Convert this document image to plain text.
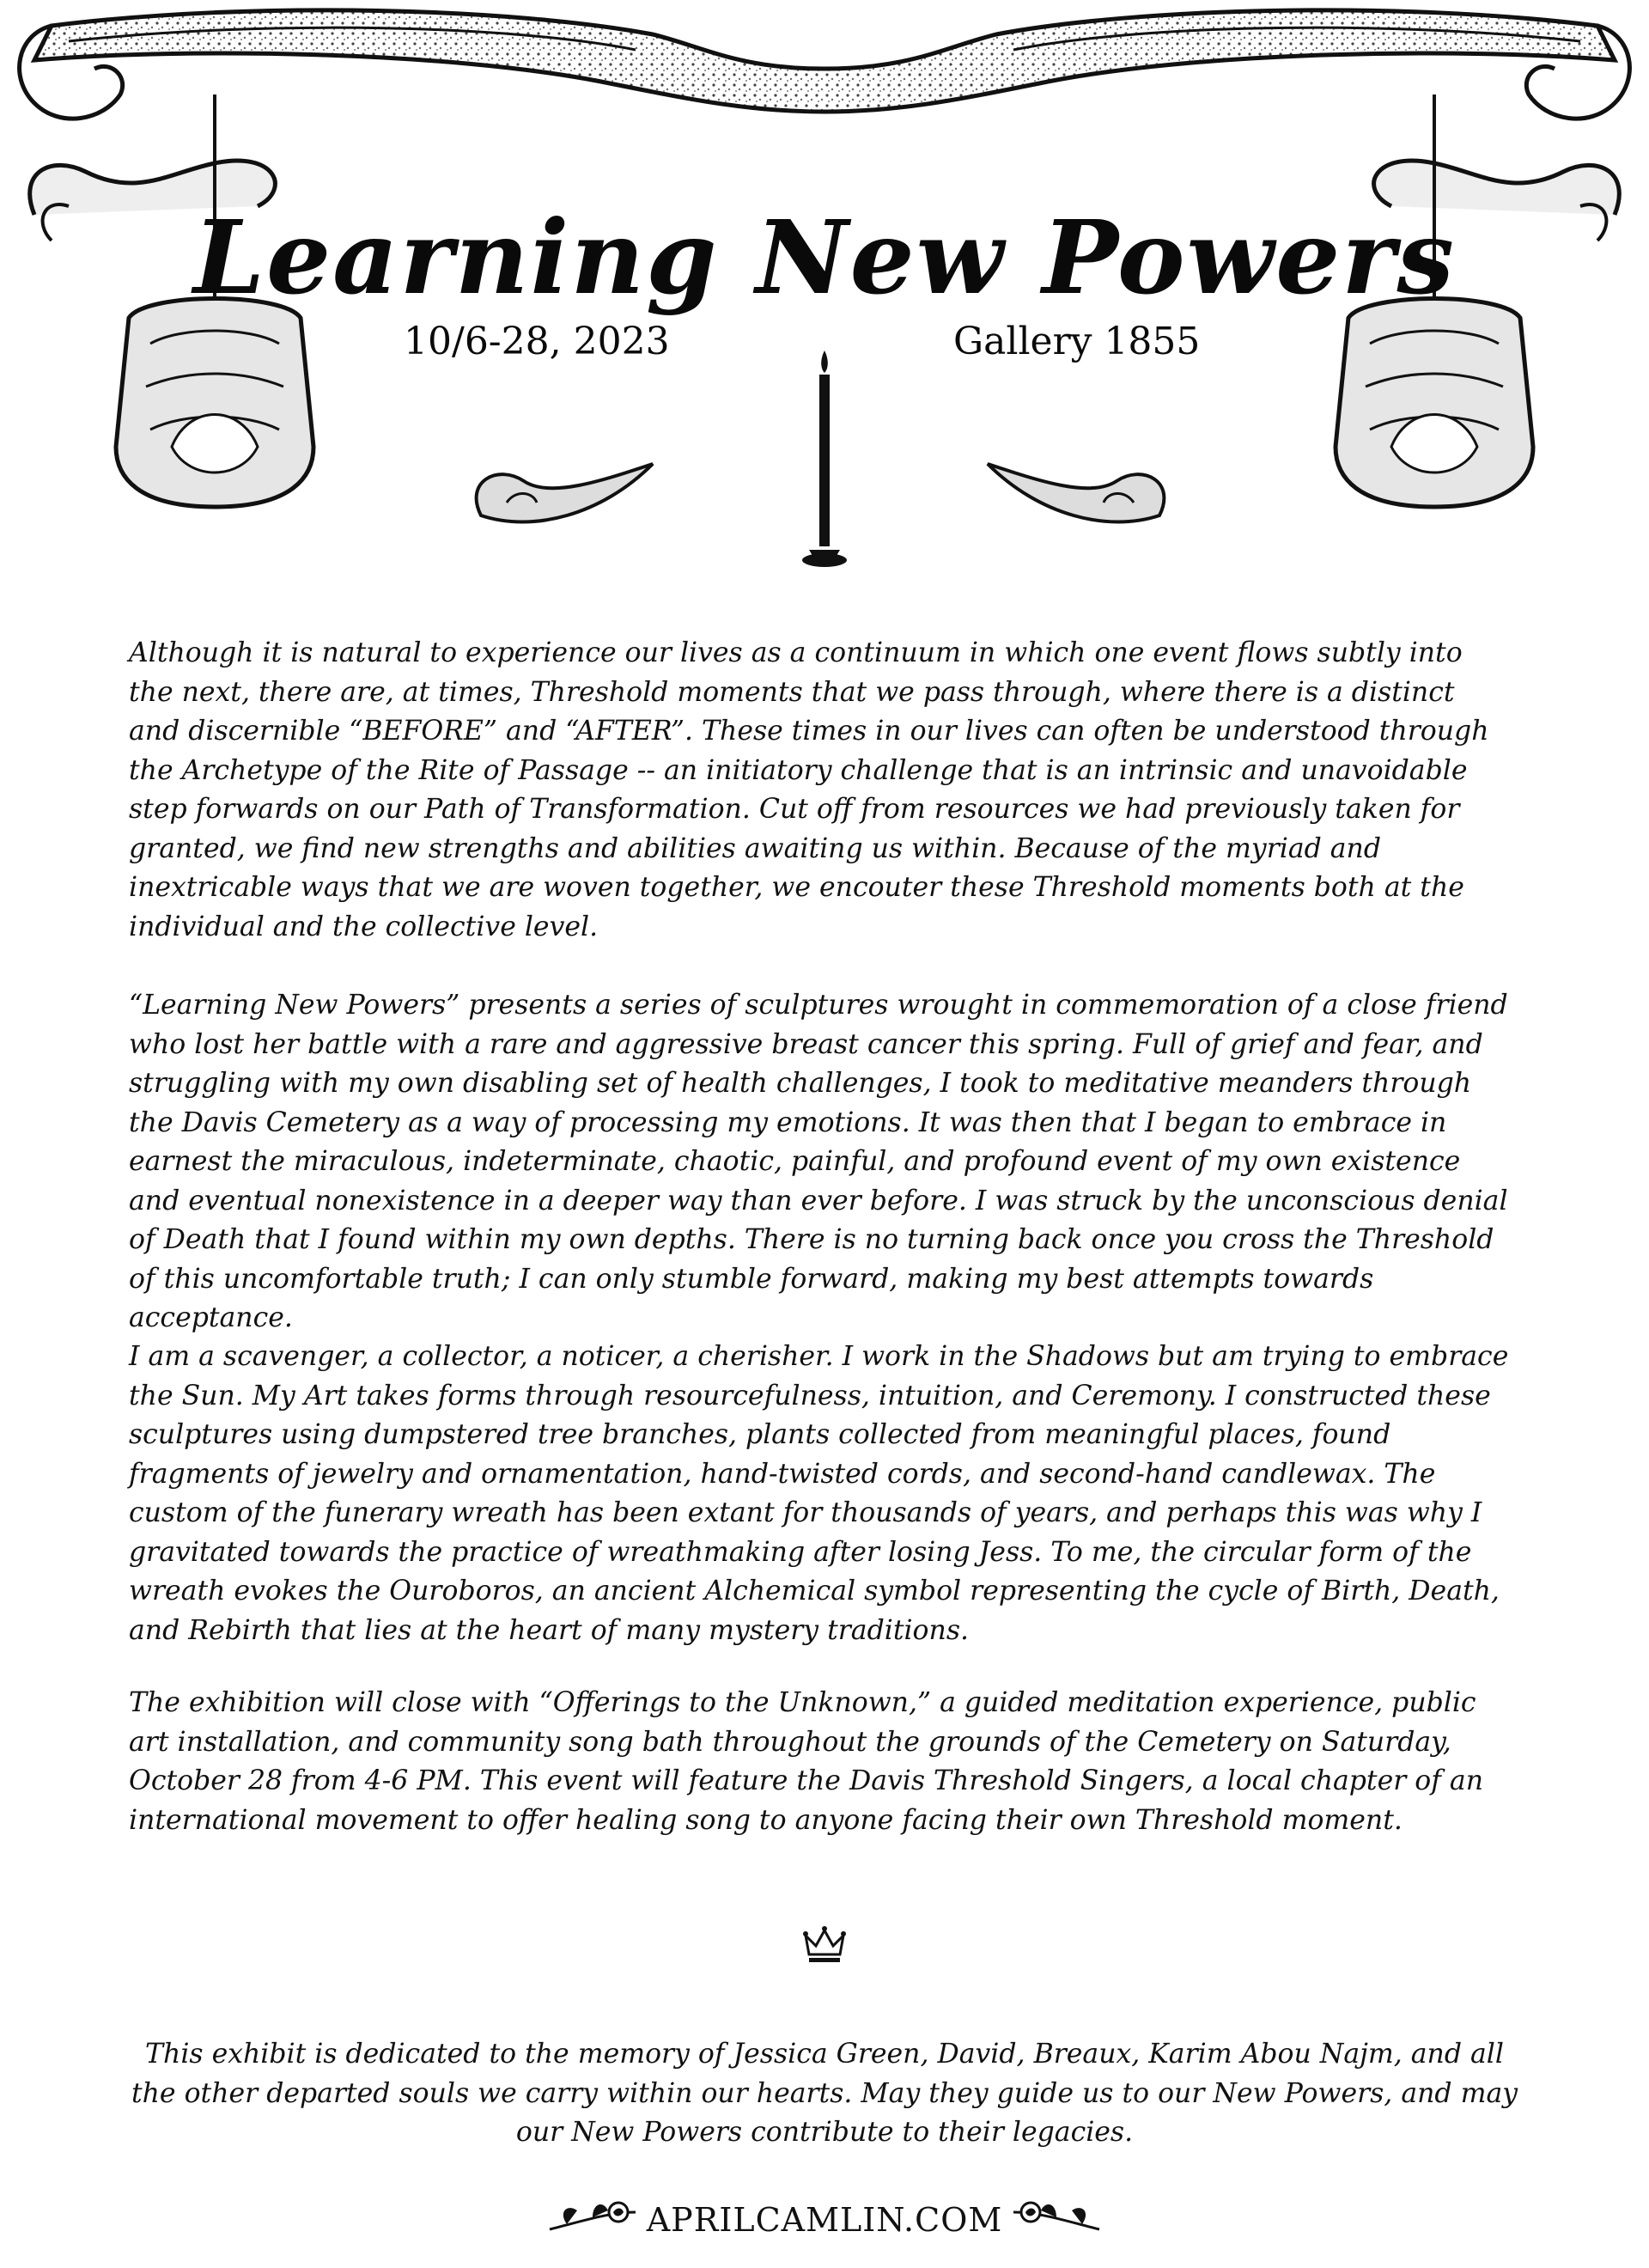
Learning New Powers
10/6-28, 2023	Gallery 1855

Although it is natural to experience our lives as a continuum in which one event flows subtly into the next, there are, at times, Threshold moments that we pass through, where there is a distinct and discernible “BEFORE” and “AFTER”. These times in our lives can often be understood through the Archetype of the Rite of Passage -- an initiatory challenge that is an intrinsic and unavoidable step forwards on our Path of Transformation. Cut off from resources we had previously taken for granted, we find new strengths and abilities awaiting us within. Because of the myriad and inextricable ways that we are woven together, we encouter these Threshold moments both at the individual and the collective level.

“Learning New Powers” presents a series of sculptures wrought in commemoration of a close friend who lost her battle with a rare and aggressive breast cancer this spring. Full of grief and fear, and struggling with my own disabling set of health challenges, I took to meditative meanders through the Davis Cemetery as a way of processing my emotions. It was then that I began to embrace in earnest the miraculous, indeterminate, chaotic, painful, and profound event of my own existence and eventual nonexistence in a deeper way than ever before. I was struck by the unconscious denial of Death that I found within my own depths. There is no turning back once you cross the Threshold of this uncomfortable truth; I can only stumble forward, making my best attempts towards acceptance.

I am a scavenger, a collector, a noticer, a cherisher. I work in the Shadows but am trying to embrace the Sun. My Art takes forms through resourcefulness, intuition, and Ceremony. I constructed these sculptures using dumpstered tree branches, plants collected from meaningful places, found fragments of jewelry and ornamentation, hand-twisted cords, and second-hand candlewax. The custom of the funerary wreath has been extant for thousands of years, and perhaps this was why I gravitated towards the practice of wreathmaking after losing Jess. To me, the circular form of the wreath evokes the Ouroboros, an ancient Alchemical symbol representing the cycle of Birth, Death, and Rebirth that lies at the heart of many mystery traditions.

The exhibition will close with “Offerings to the Unknown,” a guided meditation experience, public art installation, and community song bath throughout the grounds of the Cemetery on Saturday, October 28 from 4-6 PM. This event will feature the Davis Threshold Singers, a local chapter of an international movement to offer healing song to anyone facing their own Threshold moment.

This exhibit is dedicated to the memory of Jessica Green, David, Breaux, Karim Abou Najm, and all the other departed souls we carry within our hearts. May they guide us to our New Powers, and may our New Powers contribute to their legacies.

APRILCAMLIN.COM
